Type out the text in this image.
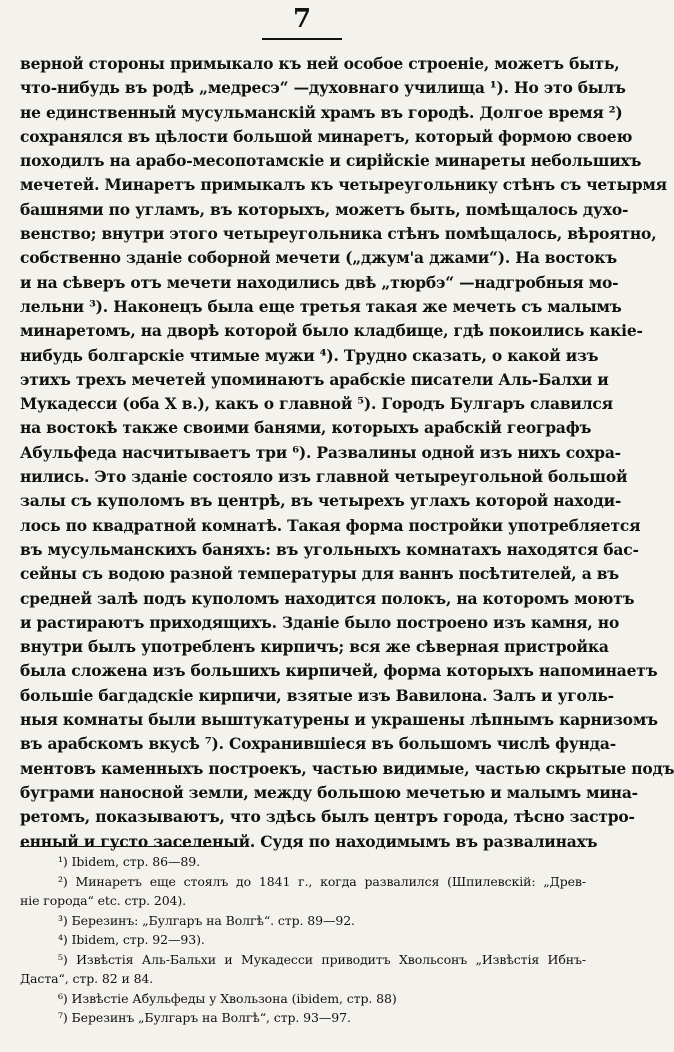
7
верной стороны примыкало къ ней особое строеніе, можетъ быть,
что-нибудь въ родѣ „медресэ“ —духовнаго училища ¹). Но это былъ
не единственный мусульманскій храмъ въ городѣ. Долгое время ²)
сохранялся въ цѣлости большой минаретъ, который формою своею
походилъ на арабо-месопотамскіе и сирійскіе минареты небольшихъ
мечетей. Минаретъ примыкалъ къ четыреугольнику стѣнъ съ четырмя
башнями по угламъ, въ которыхъ, можетъ быть, помѣщалось духо-
венство; внутри этого четыреугольника стѣнъ помѣщалось, вѣроятно,
собственно зданіе соборной мечети („джум'а джами“). На востокъ
и на сѣверъ отъ мечети находились двѣ „тюрбэ“ —надгробныя мо-
лельни ³). Наконецъ была еще третья такая же мечеть съ малымъ
минаретомъ, на дворѣ которой было кладбище, гдѣ покоились какіе-
нибудь болгарскіе чтимые мужи ⁴). Трудно сказать, о какой изъ
этихъ трехъ мечетей упоминаютъ арабскіе писатели Аль-Балхи и
Мукадесси (оба X в.), какъ о главной ⁵). Городъ Булгаръ славился
на востокѣ также своими банями, которыхъ арабскій географъ
Абульфеда насчитываетъ три ⁶). Развалины одной изъ нихъ сохра-
нились. Это зданіе состояло изъ главной четыреугольной большой
залы съ куполомъ въ центрѣ, въ четырехъ углахъ которой находи-
лось по квадратной комнатѣ. Такая форма постройки употребляется
въ мусульманскихъ баняхъ: въ угольныхъ комнатахъ находятся бас-
сейны съ водою разной температуры для ваннъ посѣтителей, а въ
средней залѣ подъ куполомъ находится полокъ, на которомъ моютъ
и растираютъ приходящихъ. Зданіе было построено изъ камня, но
внутри былъ употребленъ кирпичъ; вся же сѣверная пристройка
была сложена изъ большихъ кирпичей, форма которыхъ напоминаетъ
большіе багдадскіе кирпичи, взятые изъ Вавилона. Залъ и уголь-
ныя комнаты были выштукатурены и украшены лѣпнымъ карнизомъ
въ арабскомъ вкусѣ ⁷). Сохранившіеся въ большомъ числѣ фунда-
ментовъ каменныхъ построекъ, частью видимые, частью скрытые подъ
буграми наносной земли, между большою мечетью и малымъ мина-
ретомъ, показываютъ, что здѣсь былъ центръ города, тѣсно застро-
енный и густо заселеный. Судя по находимымъ въ развалинахъ
¹) Ibidem, стр. 86—89.
²) Минаретъ еще стоялъ до 1841 г., когда развалился (Шпилевскій: „Древ-
ніе города“ etc. стр. 204).
³) Березинъ: „Булгаръ на Волгѣ“. стр. 89—92.
⁴) Ibidem, стр. 92—93).
⁵) Извѣстія Аль-Бальхи и Мукадесси приводитъ Хвольсонъ „Извѣстія Ибнъ-
Даста“, стр. 82 и 84.
⁶) Извѣстіе Абульфеды у Хвользона (ibidem, стр. 88)
⁷) Березинъ „Булгаръ на Волгѣ“, стр. 93—97.
